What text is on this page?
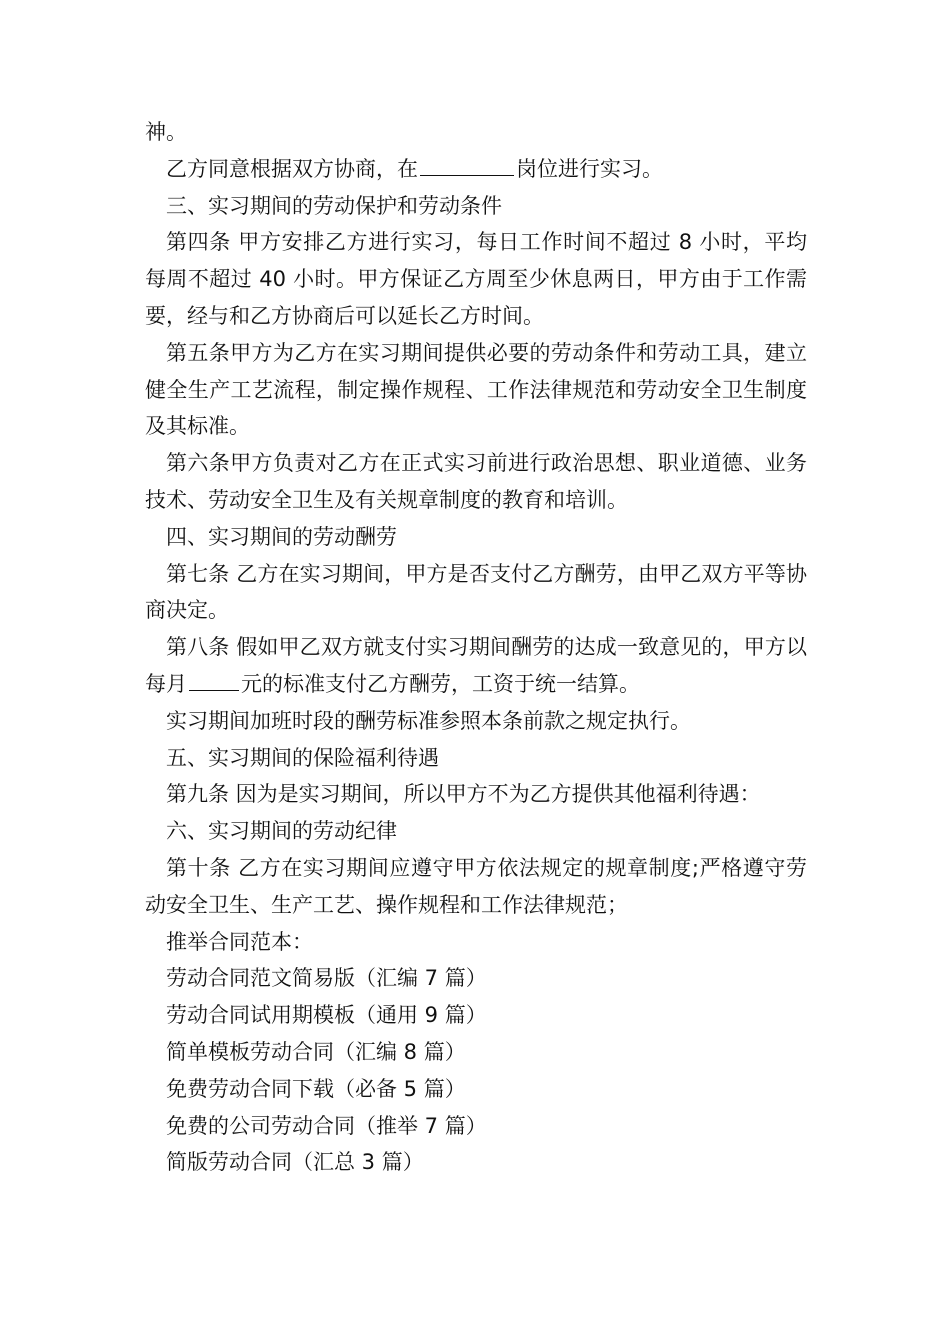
神。

乙方同意根据双方协商，在	岗位进行实习。

三、实习期间的劳动保护和劳动条件

第四条 甲方安排乙方进行实习，每日工作时间不超过 8 小时，平均每周不超过 40 小时。甲方保证乙方周至少休息两日，甲方由于工作需要，经与和乙方协商后可以延长乙方时间。

第五条甲方为乙方在实习期间提供必要的劳动条件和劳动工具，建立健全生产工艺流程，制定操作规程、工作法律规范和劳动安全卫生制度及其标准。

第六条甲方负责对乙方在正式实习前进行政治思想、职业道德、业务技术、劳动安全卫生及有关规章制度的教育和培训。

四、实习期间的劳动酬劳

第七条 乙方在实习期间，甲方是否支付乙方酬劳，由甲乙双方平等协商决定。

第八条 假如甲乙双方就支付实习期间酬劳的达成一致意见的，甲方以每月	元的标准支付乙方酬劳，工资于统一结算。

实习期间加班时段的酬劳标准参照本条前款之规定执行。

五、实习期间的保险福利待遇

第九条 因为是实习期间，所以甲方不为乙方提供其他福利待遇：

六、实习期间的劳动纪律

第十条 乙方在实习期间应遵守甲方依法规定的规章制度;严格遵守劳动安全卫生、生产工艺、操作规程和工作法律规范；

推举合同范本：

劳动合同范文简易版（汇编 7 篇）

劳动合同试用期模板（通用 9 篇）

简单模板劳动合同（汇编 8 篇）

免费劳动合同下载（必备 5 篇）

免费的公司劳动合同（推举 7 篇）

简版劳动合同（汇总 3 篇）
